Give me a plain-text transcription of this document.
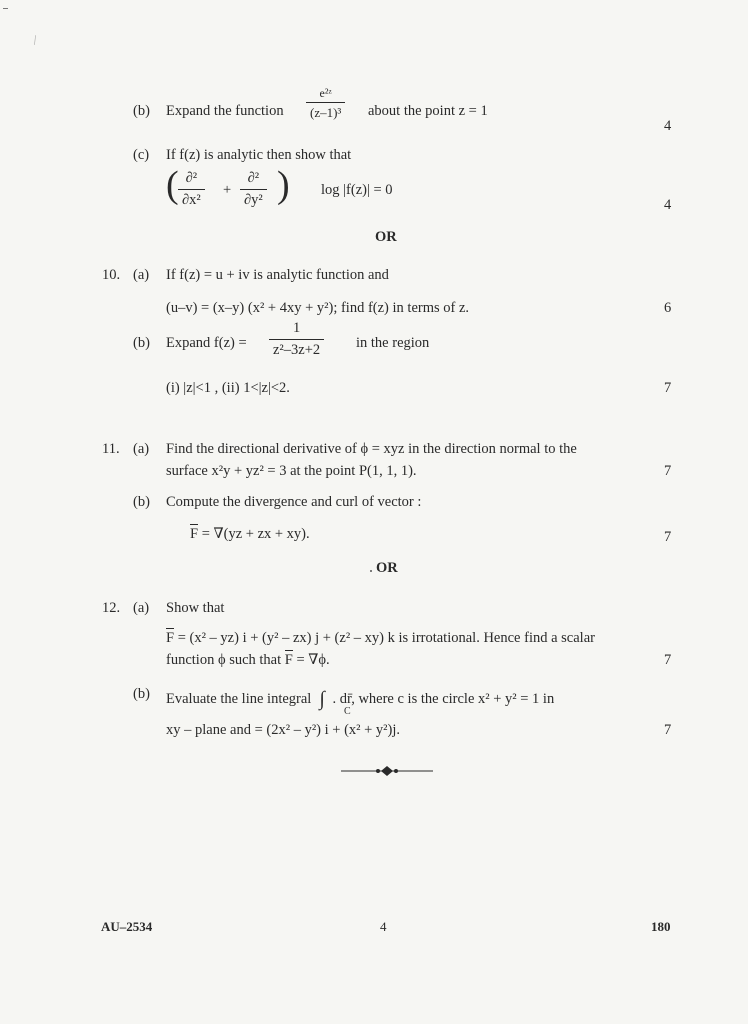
⁄
(b) Expand the function
e²ᶻ
(z–1)³ about the point z = 1
4
(c) If f(z) is analytic then show that
( ∂²
∂x²
+
∂²
∂y² ) log |f(z)| = 0
4
OR
10. (a) If f(z) = u + iv is analytic function and
(u–v) = (x–y) (x² + 4xy + y²); find f(z) in terms of z.	6
(b) Expand f(z) =
1
z²–3z+2 in the region
(i) |z|<1 , (ii) 1<|z|<2.	7
11. (a) Find the directional derivative of ϕ = xyz in the direction normal to the
surface x²y + yz² = 3 at the point P(1, 1, 1).	7
(b) Compute the divergence and curl of vector :
F = ∇(yz + zx + xy).	7
OR
12. (a) Show that
F = (x² – yz) i + (y² – zx) j + (z² – xy) k is irrotational. Hence find a scalar
function ϕ such that F = ∇ϕ.	7
(b) Evaluate the line integral ∫ . dr̄, where c is the circle x² + y² = 1 in
C
xy – plane and = (2x² – y²) i + (x² + y²)j.	7
AU–2534	4	180
